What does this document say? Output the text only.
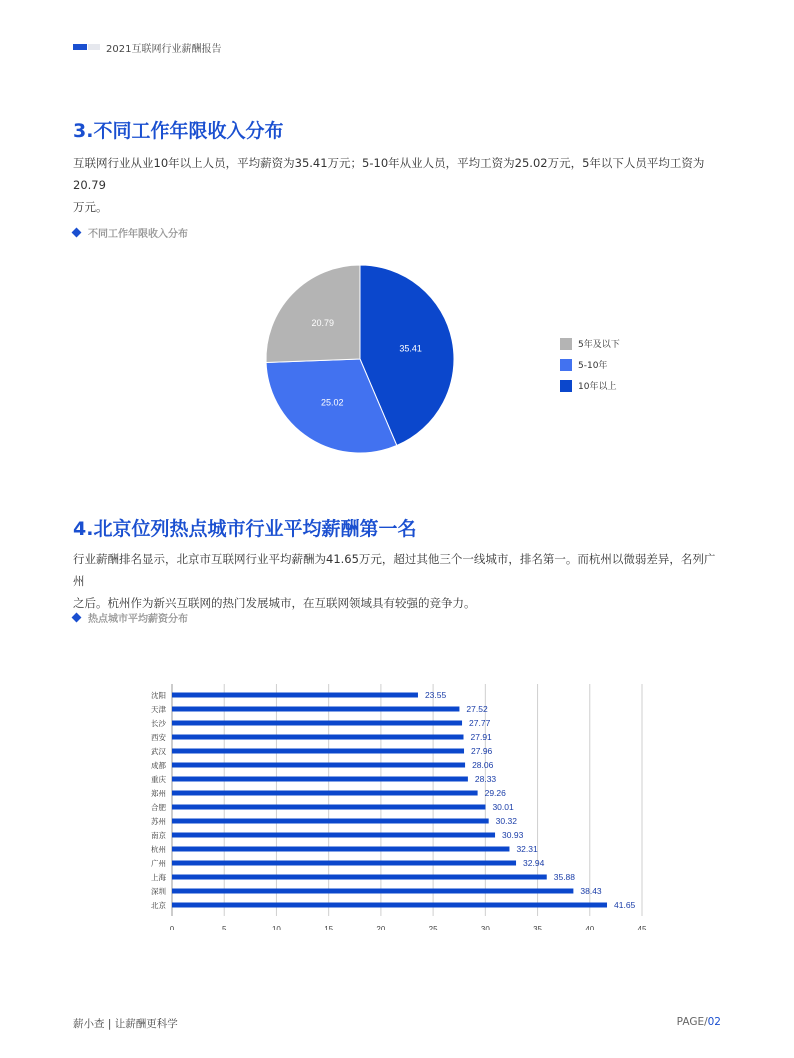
2021互联网行业薪酬报告
3.不同工作年限收入分布
互联网行业从业10年以上人员，平均薪资为35.41万元；5-10年从业人员，平均工资为25.02万元，5年以下人员平均工资为20.79
万元。
不同工作年限收入分布
35.41
25.02
20.79
5年及以下
5-10年
10年以上
4.北京位列热点城市行业平均薪酬第一名
行业薪酬排名显示，北京市互联网行业平均薪酬为41.65万元，超过其他三个一线城市，排名第一。而杭州以微弱差异，名列广州
之后。杭州作为新兴互联网的热门发展城市，在互联网领域具有较强的竞争力。
热点城市平均薪资分布
0	5	10	15	20	25	30	35	40	45
沈阳	23.55
天津	27.52
长沙	27.77
西安	27.91
武汉	27.96
成都	28.06
重庆	28.33
郑州	29.26
合肥	30.01
苏州	30.32
南京	30.93
杭州	32.31
广州	32.94
上海	35.88
深圳	38.43
北京	41.65
薪小查 | 让薪酬更科学	PAGE/02
